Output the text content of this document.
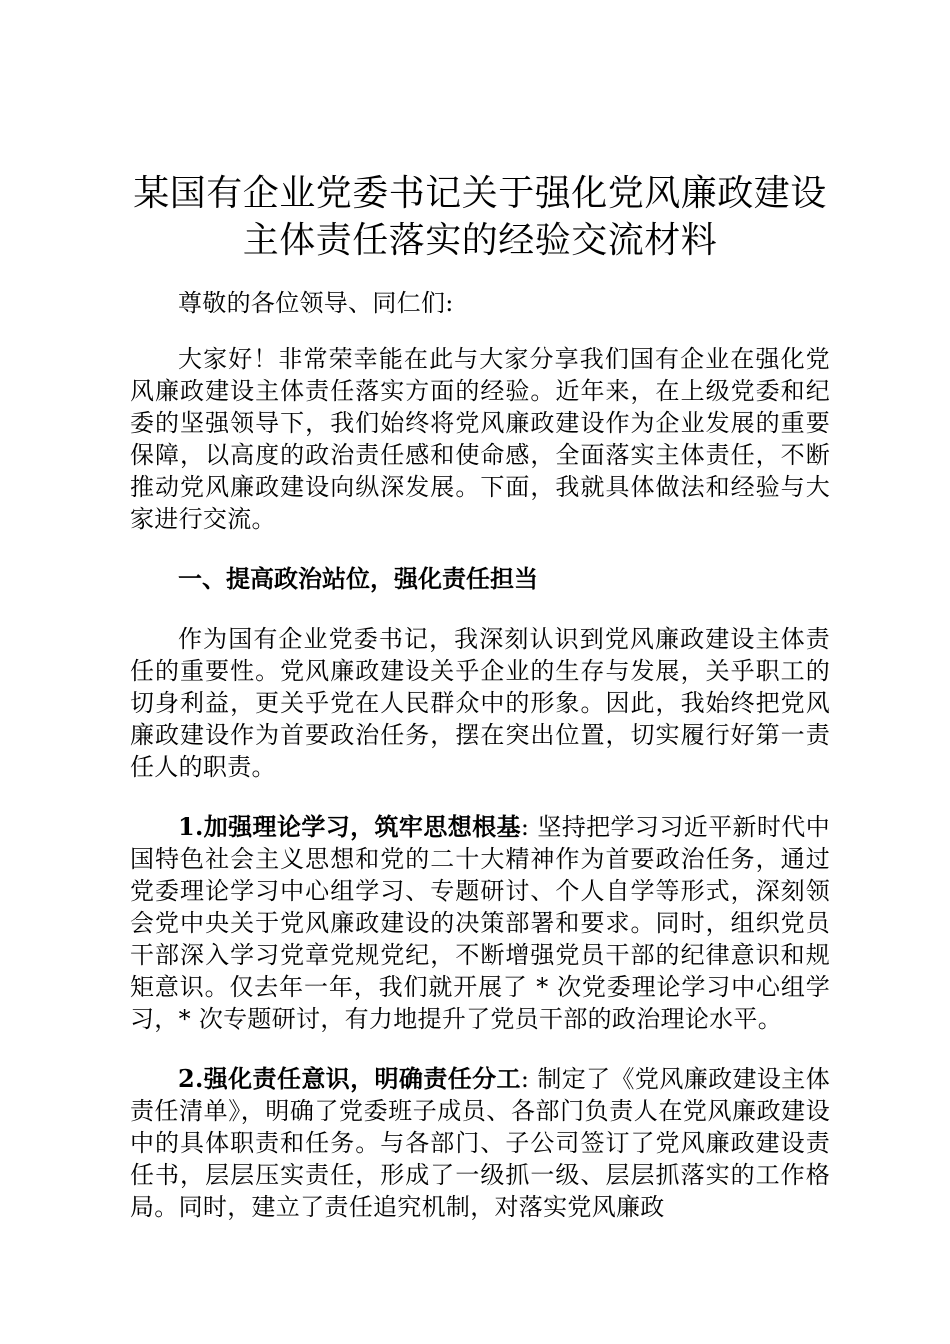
某国有企业党委书记关于强化党风廉政建设主体责任落实的经验交流材料

尊敬的各位领导、同仁们:

大家好！非常荣幸能在此与大家分享我们国有企业在强化党风廉政建设主体责任落实方面的经验。近年来，在上级党委和纪委的坚强领导下，我们始终将党风廉政建设作为企业发展的重要保障，以高度的政治责任感和使命感，全面落实主体责任，不断推动党风廉政建设向纵深发展。下面，我就具体做法和经验与大家进行交流。

一、提高政治站位，强化责任担当

作为国有企业党委书记，我深刻认识到党风廉政建设主体责任的重要性。党风廉政建设关乎企业的生存与发展，关乎职工的切身利益，更关乎党在人民群众中的形象。因此，我始终把党风廉政建设作为首要政治任务，摆在突出位置，切实履行好第一责任人的职责。

1.加强理论学习，筑牢思想根基: 坚持把学习习近平新时代中国特色社会主义思想和党的二十大精神作为首要政治任务，通过党委理论学习中心组学习、专题研讨、个人自学等形式，深刻领会党中央关于党风廉政建设的决策部署和要求。同时，组织党员干部深入学习党章党规党纪，不断增强党员干部的纪律意识和规矩意识。仅去年一年，我们就开展了 * 次党委理论学习中心组学习，* 次专题研讨，有力地提升了党员干部的政治理论水平。

2.强化责任意识，明确责任分工: 制定了《党风廉政建设主体责任清单》，明确了党委班子成员、各部门负责人在党风廉政建设中的具体职责和任务。与各部门、子公司签订了党风廉政建设责任书，层层压实责任，形成了一级抓一级、层层抓落实的工作格局。同时，建立了责任追究机制，对落实党风廉政
